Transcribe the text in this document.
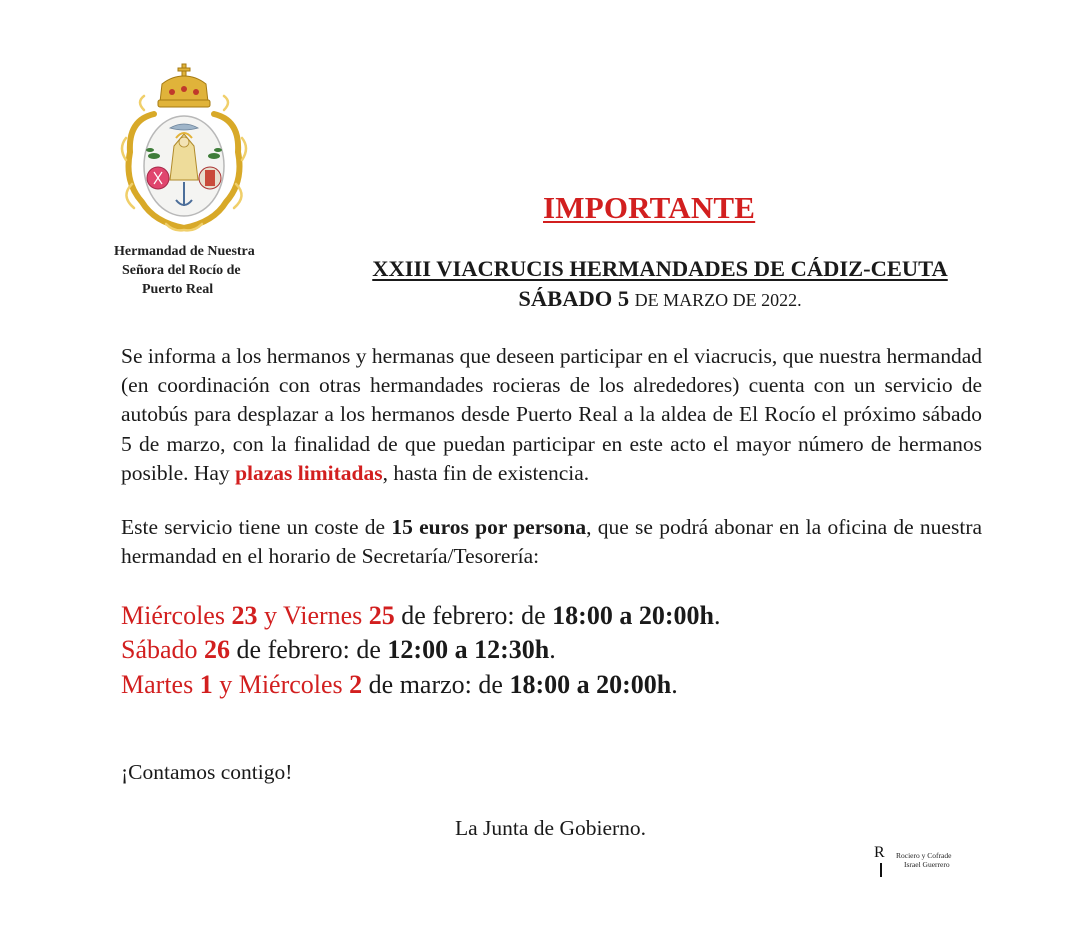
Hermandad de Nuestra
Señora del Rocío de
Puerto Real
IMPORTANTE
XXIII VIACRUCIS HERMANDADES DE CÁDIZ-CEUTA
SÁBADO 5 DE MARZO DE 2022.
Se informa a los hermanos y hermanas que deseen participar en el viacrucis, que nuestra hermandad (en coordinación con otras hermandades rocieras de los alrededores) cuenta con un servicio de autobús para desplazar a los hermanos desde Puerto Real a la aldea de El Rocío el próximo sábado 5 de marzo, con la finalidad de que puedan participar en este acto el mayor número de hermanos posible. Hay plazas limitadas, hasta fin de existencia.
Este servicio tiene un coste de 15 euros por persona, que se podrá abonar en la oficina de nuestra hermandad en el horario de Secretaría/Tesorería:
Miércoles 23 y Viernes 25 de febrero: de 18:00 a 20:00h.
Sábado 26 de febrero: de 12:00 a 12:30h.
Martes 1 y Miércoles 2 de marzo: de 18:00 a 20:00h.
¡Contamos contigo!
La Junta de Gobierno.
R Rociero y Cofrade
Israel Guerrero
